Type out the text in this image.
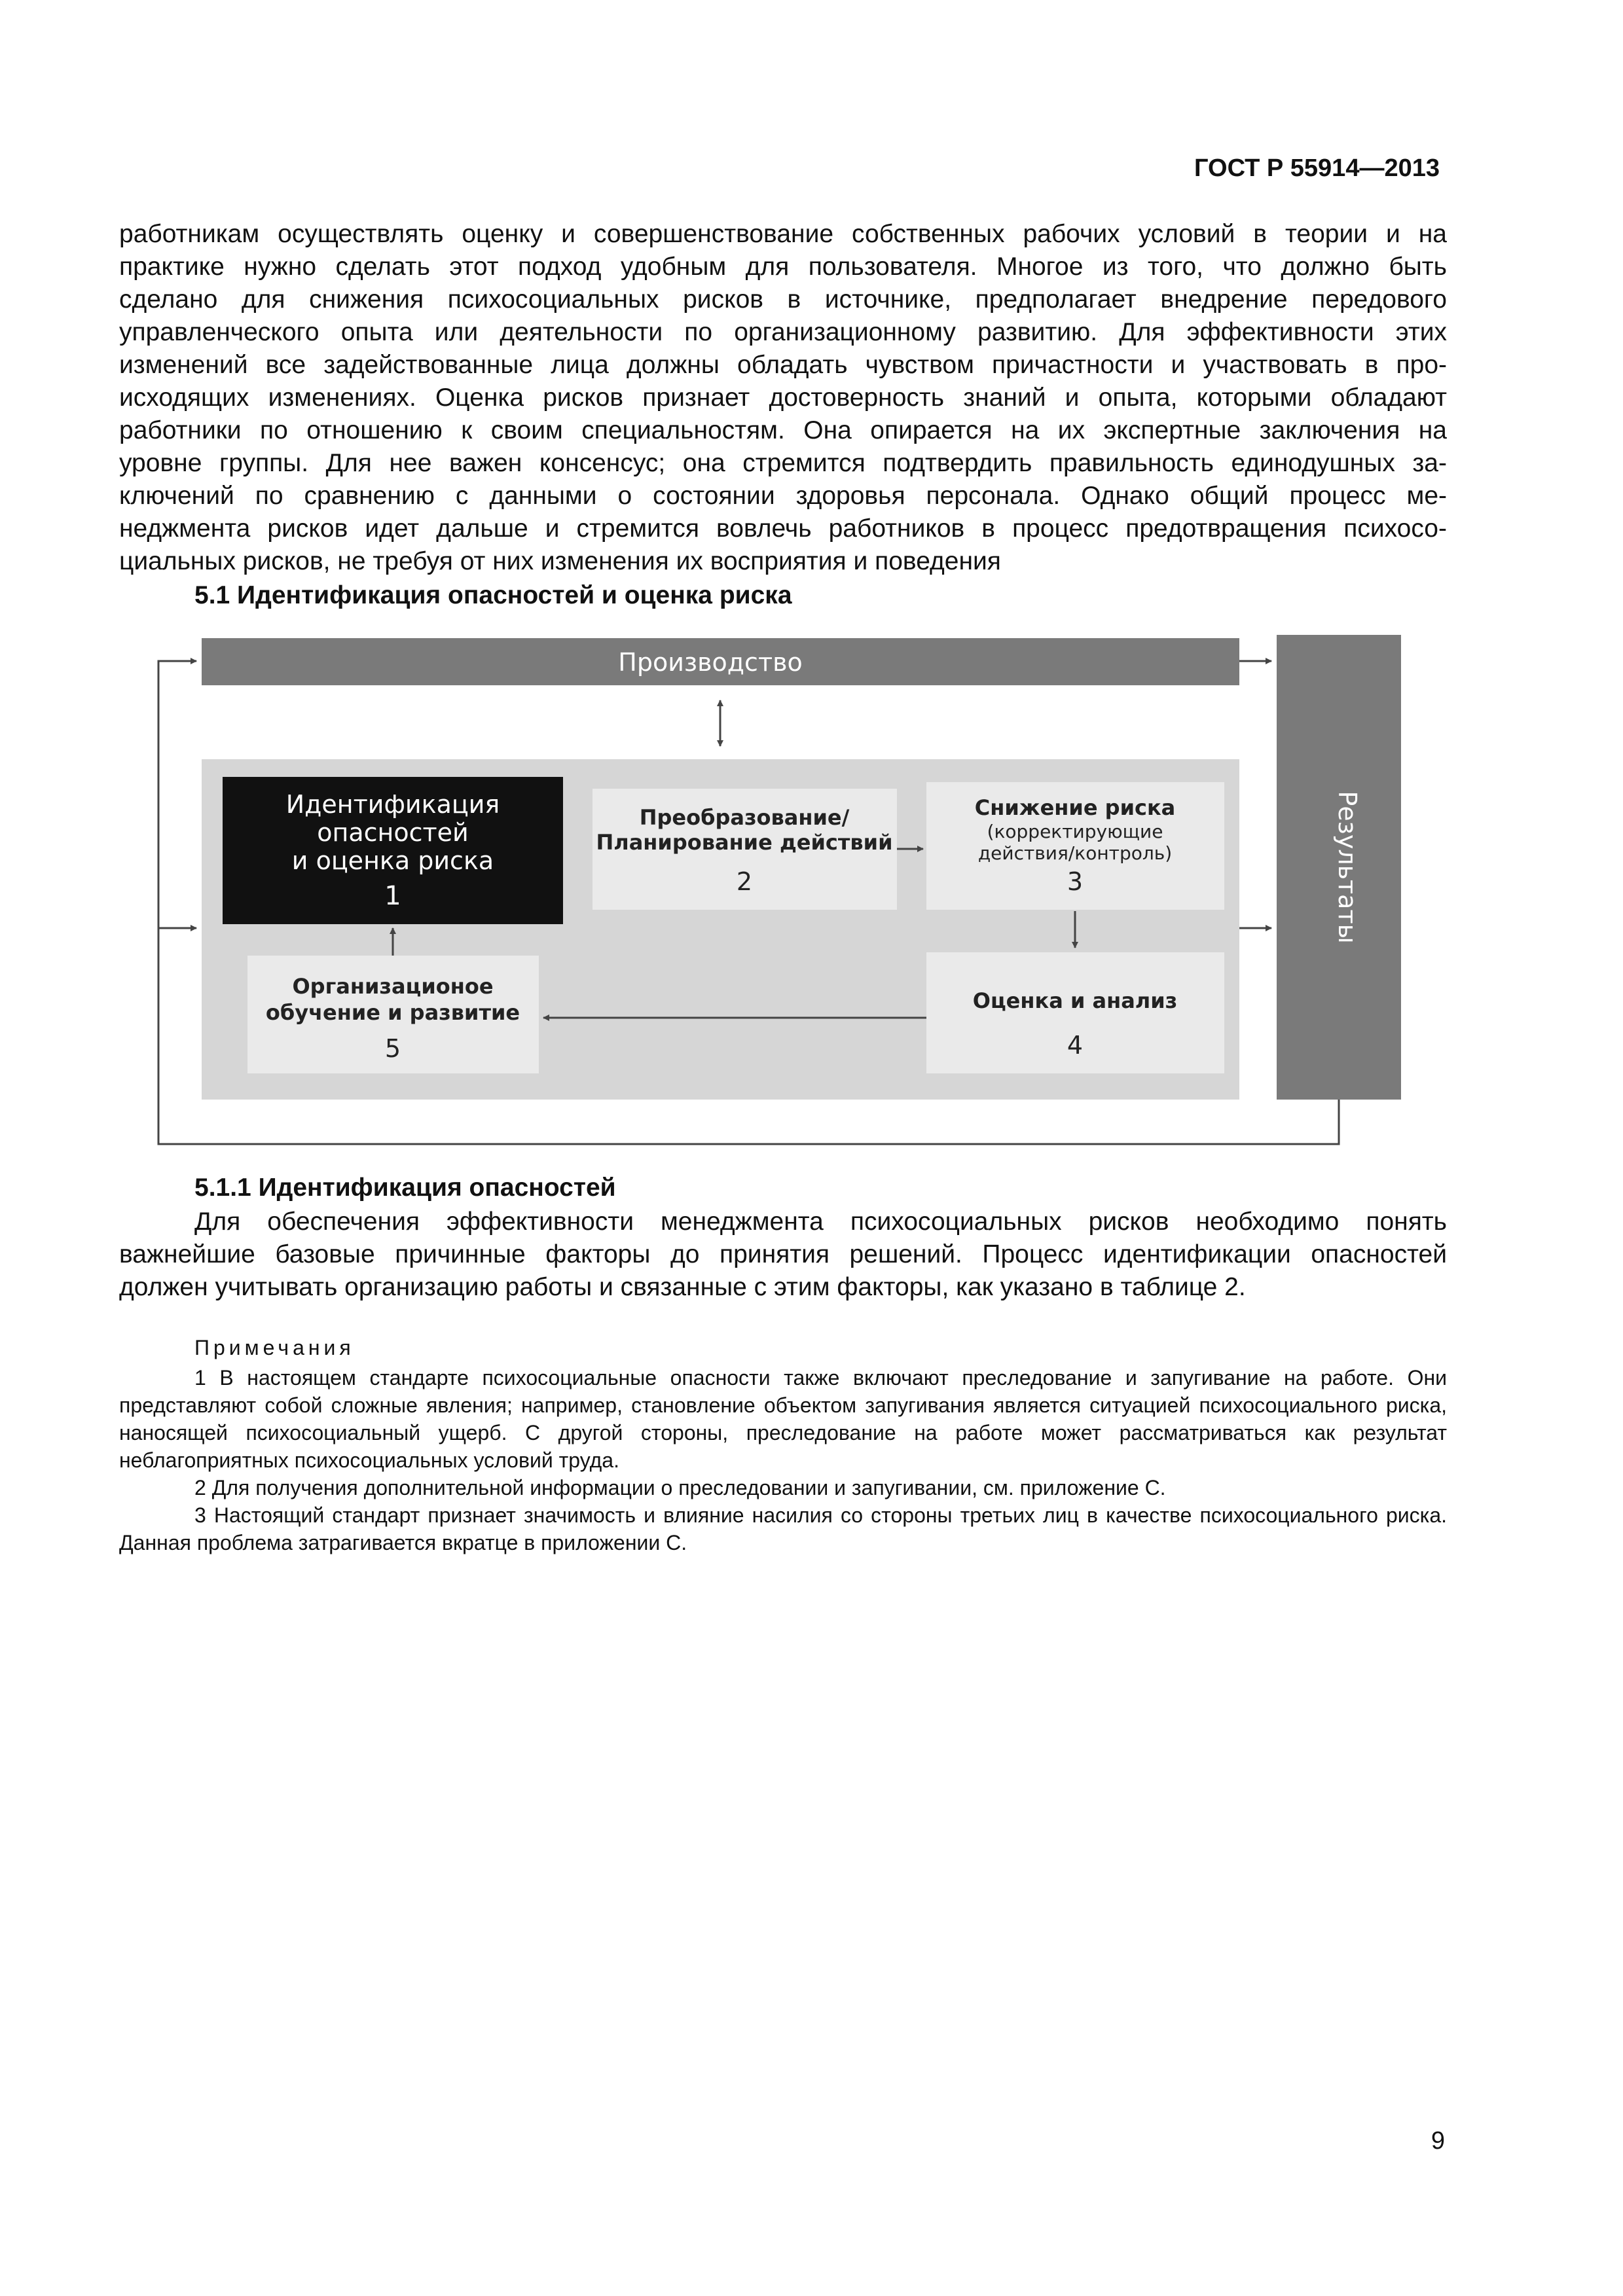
ГОСТ Р 55914—2013
работникам осуществлять оценку и совершенствование собственных рабочих условий в теории и на
практике нужно сделать этот подход удобным для пользователя. Многое из того, что должно быть
сделано для снижения психосоциальных рисков в источнике, предполагает внедрение передового
управленческого опыта или деятельности по организационному развитию. Для эффективности этих
изменений все задействованные лица должны обладать чувством причастности и участвовать в про-
исходящих изменениях. Оценка рисков признает достоверность знаний и опыта, которыми обладают
работники по отношению к своим специальностям. Она опирается на их экспертные заключения на
уровне группы. Для нее важен консенсус; она стремится подтвердить правильность единодушных за-
ключений по сравнению с данными о состоянии здоровья персонала. Однако общий процесс ме-
неджмента рисков идет дальше и стремится вовлечь работников в процесс предотвращения психосо-
циальных рисков, не требуя от них изменения их восприятия и поведения
5.1 Идентификация опасностей и оценка риска
Производство
Результаты
Идентификация
опасностей
и оценка риска
1
Преобразование/
Планирование действий
2
Снижение риска
(корректирующие
действия/контроль)
3
Оценка и анализ
4
Организационое
обучение и развитие
5
5.1.1 Идентификация опасностей
Для обеспечения эффективности менеджмента психосоциальных рисков необходимо понять
важнейшие базовые причинные факторы до принятия решений. Процесс идентификации опасностей
должен учитывать организацию работы и связанные с этим факторы, как указано в таблице 2.
Примечания
1 В настоящем стандарте психосоциальные опасности также включают преследование и запугивание на работе. Они представляют собой сложные явления; например, становление объектом запугивания является ситуацией психосоциального риска, наносящей психосоциальный ущерб. С другой стороны, преследование на работе может рассматриваться как результат неблагоприятных психосоциальных условий труда.
2 Для получения дополнительной информации о преследовании и запугивании, см. приложение С.
3 Настоящий стандарт признает значимость и влияние насилия со стороны третьих лиц в качестве психосоциального риска. Данная проблема затрагивается вкратце в приложении С.
9
